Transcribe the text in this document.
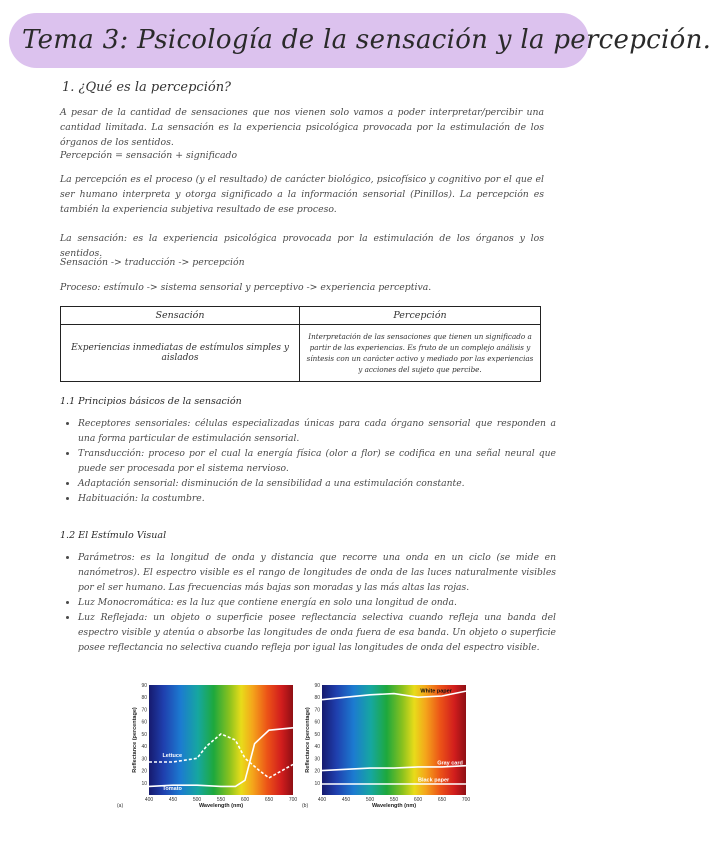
Tema 3: Psicología de la sensación y la percepción.
1. ¿Qué es la percepción?
A pesar de la cantidad de sensaciones que nos vienen solo vamos a poder interpretar/percibir una cantidad limitada. La sensación es la experiencia psicológica provocada por la estimulación de los órganos de los sentidos.
Percepción = sensación + significado
La percepción es el proceso (y el resultado) de carácter biológico, psicofísico y cognitivo por el que el ser humano interpreta y otorga significado a la información sensorial (Pinillos). La percepción es también la experiencia subjetiva resultado de ese proceso.
La sensación: es la experiencia psicológica provocada por la estimulación de los órganos y los sentidos.
Sensación -> traducción -> percepción
Proceso: estímulo -> sistema sensorial y perceptivo -> experiencia perceptiva.
Sensación	Percepción
Experiencias inmediatas de estímulos simples y aislados	Interpretación de las sensaciones que tienen un significado a partir de las experiencias. Es fruto de un complejo análisis y síntesis con un carácter activo y mediado por las experiencias y acciones del sujeto que percibe.
1.1 Principios básicos de la sensación
• Receptores sensoriales: células especializadas únicas para cada órgano sensorial que responden a una forma particular de estimulación sensorial.
• Transducción: proceso por el cual la energía física (olor a flor) se codifica en una señal neural que puede ser procesada por el sistema nervioso.
• Adaptación sensorial: disminución de la sensibilidad a una estimulación constante.
• Habituación: la costumbre.
1.2 El Estímulo Visual
• Parámetros: es la longitud de onda y distancia que recorre una onda en un ciclo (se mide en nanómetros). El espectro visible es el rango de longitudes de onda de las luces naturalmente visibles por el ser humano. Las frecuencias más bajas son moradas y las más altas las rojas.
• Luz Monocromática: es la luz que contiene energía en solo una longitud de onda.
• Luz Reflejada: un objeto o superficie posee reflectancia selectiva cuando refleja una banda del espectro visible y atenúa o absorbe las longitudes de onda fuera de esa banda. Un objeto o superficie posee reflectancia no selectiva cuando refleja por igual las longitudes de onda del espectro visible.
10
20
30
40
50
60
70
80
90
400	450	500	550	600	650	700
Wavelength (nm)
Reflectance (percentage)
(a)
Lettuce
Tomato
10
20
30
40
50
60
70
80
90
400	450	500	550	600	650	700
Wavelength (nm)
Reflectance (percentage)
(b)
White paper
Gray card
Black paper
